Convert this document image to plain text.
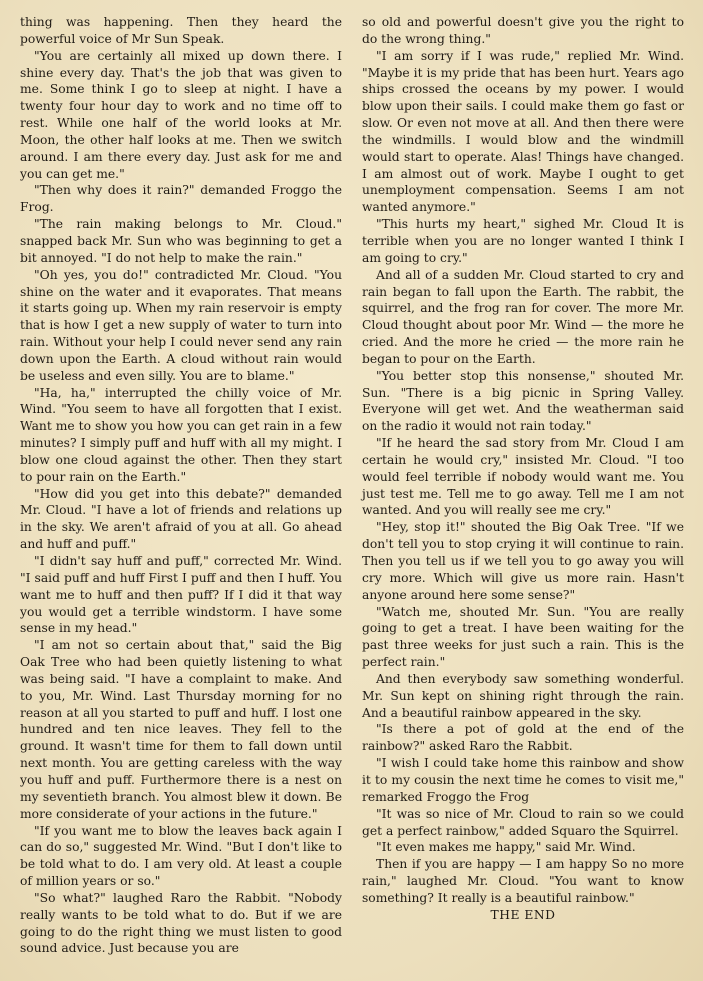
thing was happening. Then they heard the powerful voice of Mr Sun Speak.

"You are certainly all mixed up down there. I shine every day. That's the job that was given to me. Some think I go to sleep at night. I have a twenty four hour day to work and no time off to rest. While one half of the world looks at Mr. Moon, the other half looks at me. Then we switch around. I am there every day. Just ask for me and you can get me."

"Then why does it rain?" demanded Froggo the Frog.

"The rain making belongs to Mr. Cloud." snapped back Mr. Sun who was beginning to get a bit annoyed. "I do not help to make the rain."

"Oh yes, you do!" contradicted Mr. Cloud. "You shine on the water and it evaporates. That means it starts going up. When my rain reservoir is empty that is how I get a new supply of water to turn into rain. Without your help I could never send any rain down upon the Earth. A cloud without rain would be useless and even silly. You are to blame."

"Ha, ha," interrupted the chilly voice of Mr. Wind. "You seem to have all forgotten that I exist. Want me to show you how you can get rain in a few minutes? I simply puff and huff with all my might. I blow one cloud against the other. Then they start to pour rain on the Earth."

"How did you get into this debate?" demanded Mr. Cloud. "I have a lot of friends and relations up in the sky. We aren't afraid of you at all. Go ahead and huff and puff."

"I didn't say huff and puff," corrected Mr. Wind. "I said puff and huff First I puff and then I huff. You want me to huff and then puff? If I did it that way you would get a terrible windstorm. I have some sense in my head."

"I am not so certain about that," said the Big Oak Tree who had been quietly listening to what was being said. "I have a complaint to make. And to you, Mr. Wind. Last Thursday morning for no reason at all you started to puff and huff. I lost one hundred and ten nice leaves. They fell to the ground. It wasn't time for them to fall down until next month. You are getting careless with the way you huff and puff. Furthermore there is a nest on my seventieth branch. You almost blew it down. Be more considerate of your actions in the future."

"If you want me to blow the leaves back again I can do so," suggested Mr. Wind. "But I don't like to be told what to do. I am very old. At least a couple of million years or so."

"So what?" laughed Raro the Rabbit. "Nobody really wants to be told what to do. But if we are going to do the right thing we must listen to good sound advice. Just because you are

so old and powerful doesn't give you the right to do the wrong thing."

"I am sorry if I was rude," replied Mr. Wind. "Maybe it is my pride that has been hurt. Years ago ships crossed the oceans by my power. I would blow upon their sails. I could make them go fast or slow. Or even not move at all. And then there were the windmills. I would blow and the windmill would start to operate. Alas! Things have changed. I am almost out of work. Maybe I ought to get unemployment compensation. Seems I am not wanted anymore."

"This hurts my heart," sighed Mr. Cloud It is terrible when you are no longer wanted I think I am going to cry."

And all of a sudden Mr. Cloud started to cry and rain began to fall upon the Earth. The rabbit, the squirrel, and the frog ran for cover. The more Mr. Cloud thought about poor Mr. Wind — the more he cried. And the more he cried — the more rain he began to pour on the Earth.

"You better stop this nonsense," shouted Mr. Sun. "There is a big picnic in Spring Valley. Everyone will get wet. And the weatherman said on the radio it would not rain today."

"If he heard the sad story from Mr. Cloud I am certain he would cry," insisted Mr. Cloud. "I too would feel terrible if nobody would want me. You just test me. Tell me to go away. Tell me I am not wanted. And you will really see me cry."

"Hey, stop it!" shouted the Big Oak Tree. "If we don't tell you to stop crying it will continue to rain. Then you tell us if we tell you to go away you will cry more. Which will give us more rain. Hasn't anyone around here some sense?"

"Watch me, shouted Mr. Sun. "You are really going to get a treat. I have been waiting for the past three weeks for just such a rain. This is the perfect rain."

And then everybody saw something wonderful. Mr. Sun kept on shining right through the rain. And a beautiful rainbow appeared in the sky.

"Is there a pot of gold at the end of the rainbow?" asked Raro the Rabbit.

"I wish I could take home this rainbow and show it to my cousin the next time he comes to visit me," remarked Froggo the Frog

"It was so nice of Mr. Cloud to rain so we could get a perfect rainbow," added Squaro the Squirrel.

"It even makes me happy," said Mr. Wind.

Then if you are happy — I am happy So no more rain," laughed Mr. Cloud. "You want to know something? It really is a beautiful rainbow."

THE END
